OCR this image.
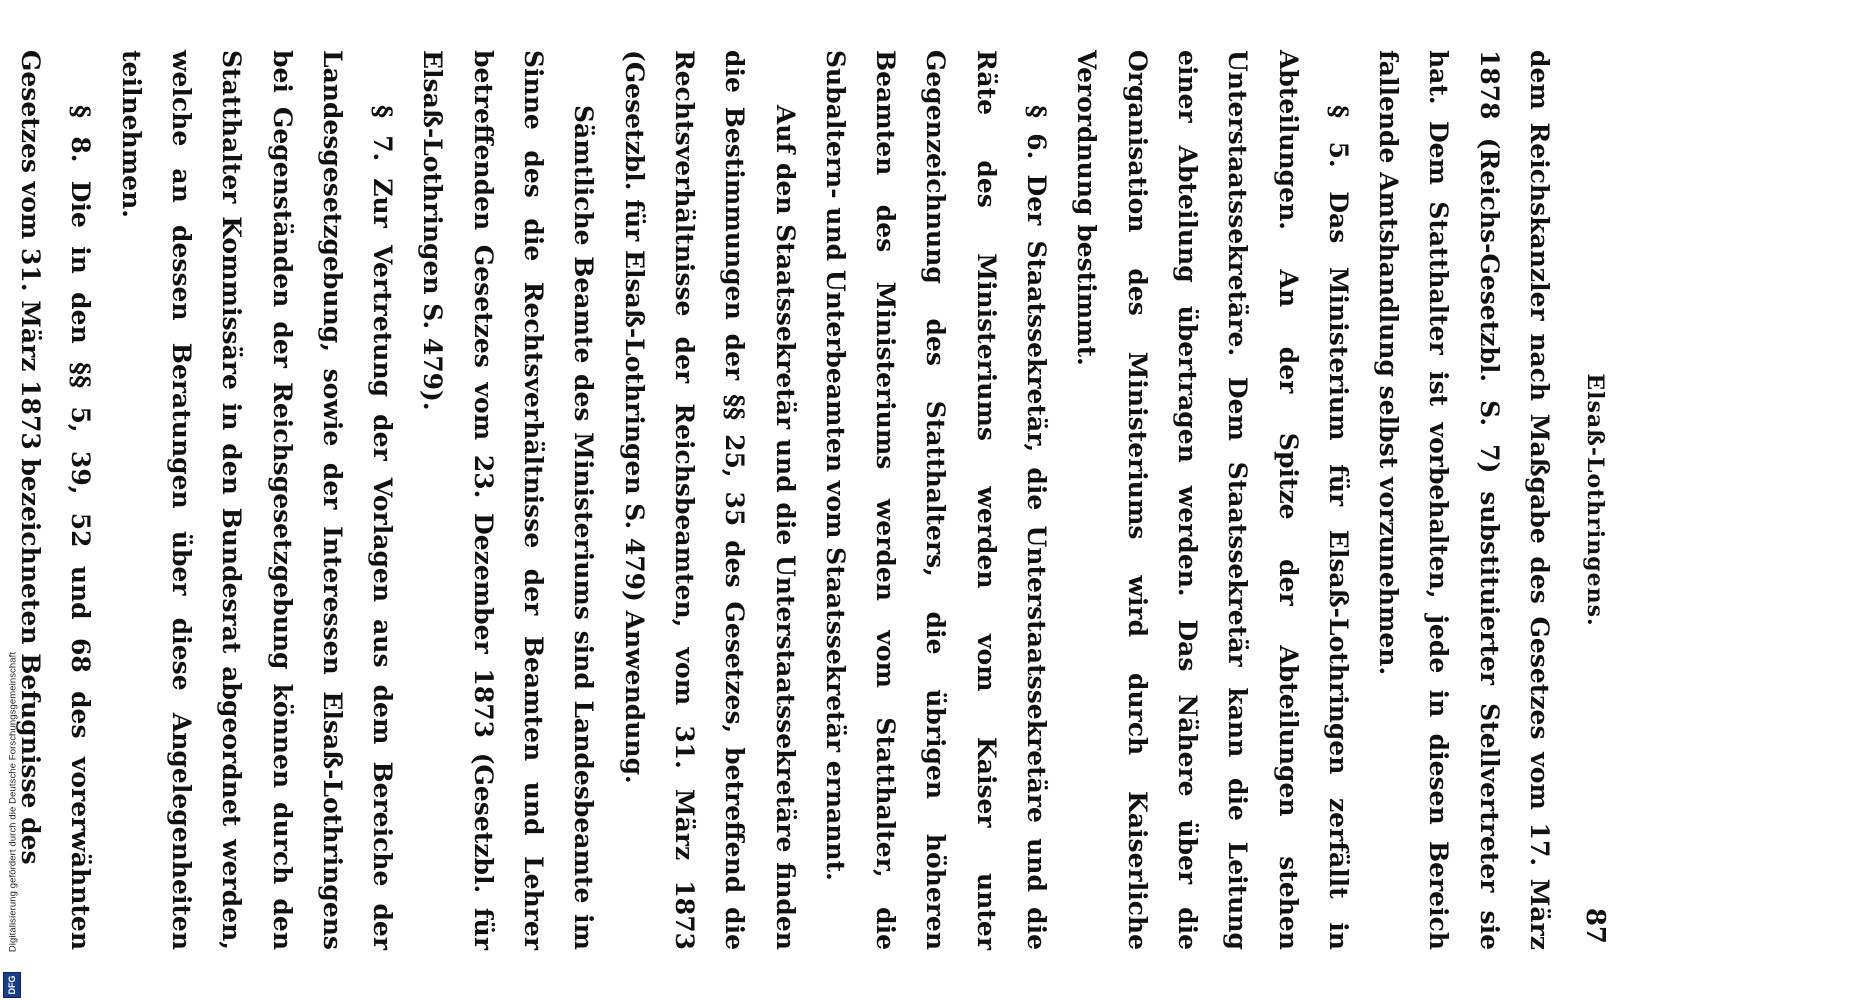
Digitalisierung gefördert durch die Deutsche Forschungsgemeinschaft
DFG
Elsaß-Lothringens.
87

dem Reichskanzler nach Maßgabe des Gesetzes vom 17. März 1878 (Reichs-Gesetzbl. S. 7) substituierter Stellvertreter sie hat. Dem Statthalter ist vorbehalten, jede in diesen Bereich fallende Amtshandlung selbst vorzunehmen.

§ 5. Das Ministerium für Elsaß-Lothringen zerfällt in Abteilungen. An der Spitze der Abteilungen stehen Unterstaatssekretäre. Dem Staatssekretär kann die Leitung einer Abteilung übertragen werden. Das Nähere über die Organisation des Ministeriums wird durch Kaiserliche Verordnung bestimmt.

§ 6. Der Staatssekretär, die Unterstaatssekretäre und die Räte des Ministeriums werden vom Kaiser unter Gegenzeichnung des Statthalters, die übrigen höheren Beamten des Ministeriums werden vom Statthalter, die Subaltern- und Unterbeamten vom Staatssekretär ernannt.

Auf den Staatssekretär und die Unterstaatssekretäre finden die Bestimmungen der §§ 25, 35 des Gesetzes, betreffend die Rechtsverhältnisse der Reichsbeamten, vom 31. März 1873 (Gesetzbl. für Elsaß-Lothringen S. 479) Anwendung.

Sämtliche Beamte des Ministeriums sind Landesbeamte im Sinne des die Rechtsverhältnisse der Beamten und Lehrer betreffenden Gesetzes vom 23. Dezember 1873 (Gesetzbl. für Elsaß-Lothringen S. 479).

§ 7. Zur Vertretung der Vorlagen aus dem Bereiche der Landesgesetzgebung, sowie der Interessen Elsaß-Lothringens bei Gegenständen der Reichsgesetzgebung können durch den Statthalter Kommissäre in den Bundesrat abgeordnet werden, welche an dessen Beratungen über diese Angelegenheiten teilnehmen.

§ 8. Die in den §§ 5, 39, 52 und 68 des vorerwähnten Gesetzes vom 31. März 1873 bezeichneten Befugnisse des
